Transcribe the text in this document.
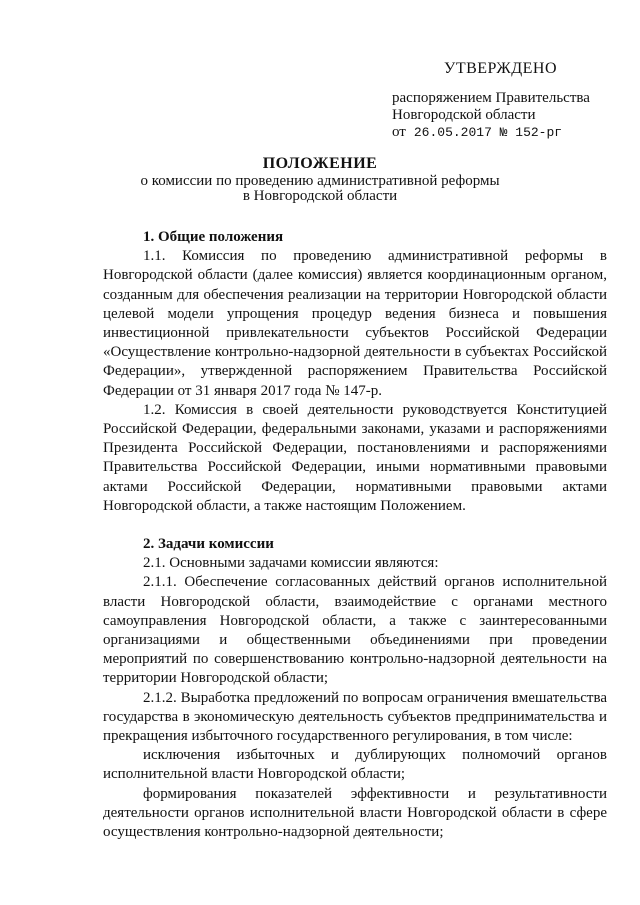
УТВЕРЖДЕНО
распоряжением Правительства
Новгородской области
от 26.05.2017 № 152-рг
ПОЛОЖЕНИЕ
о комиссии по проведению административной реформы
в Новгородской области
1. Общие положения

1.1. Комиссия по проведению административной реформы в Новгородской области (далее комиссия) является координационным органом, созданным для обеспечения реализации на территории Новгородской области целевой модели упрощения процедур ведения бизнеса и повышения инвестиционной привлекательности субъектов Российской Федерации «Осуществление контрольно-надзорной деятельности в субъектах Российской Федерации», утвержденной распоряжением Правительства Российской Федерации от 31 января 2017 года № 147-р.

1.2. Комиссия в своей деятельности руководствуется Конституцией Российской Федерации, федеральными законами, указами и распоряжениями Президента Российской Федерации, постановлениями и распоряжениями Правительства Российской Федерации, иными нормативными правовыми актами Российской Федерации, нормативными правовыми актами Новгородской области, а также настоящим Положением.

2. Задачи комиссии

2.1. Основными задачами комиссии являются:

2.1.1. Обеспечение согласованных действий органов исполнительной власти Новгородской области, взаимодействие с органами местного самоуправления Новгородской области, а также с заинтересованными организациями и общественными объединениями при проведении мероприятий по совершенствованию контрольно-надзорной деятельности на территории Новгородской области;

2.1.2. Выработка предложений по вопросам ограничения вмешательства государства в экономическую деятельность субъектов предпринимательства и прекращения избыточного государственного регулирования, в том числе:

исключения избыточных и дублирующих полномочий органов исполнительной власти Новгородской области;

формирования показателей эффективности и результативности деятельности органов исполнительной власти Новгородской области в сфере осуществления контрольно-надзорной деятельности;
